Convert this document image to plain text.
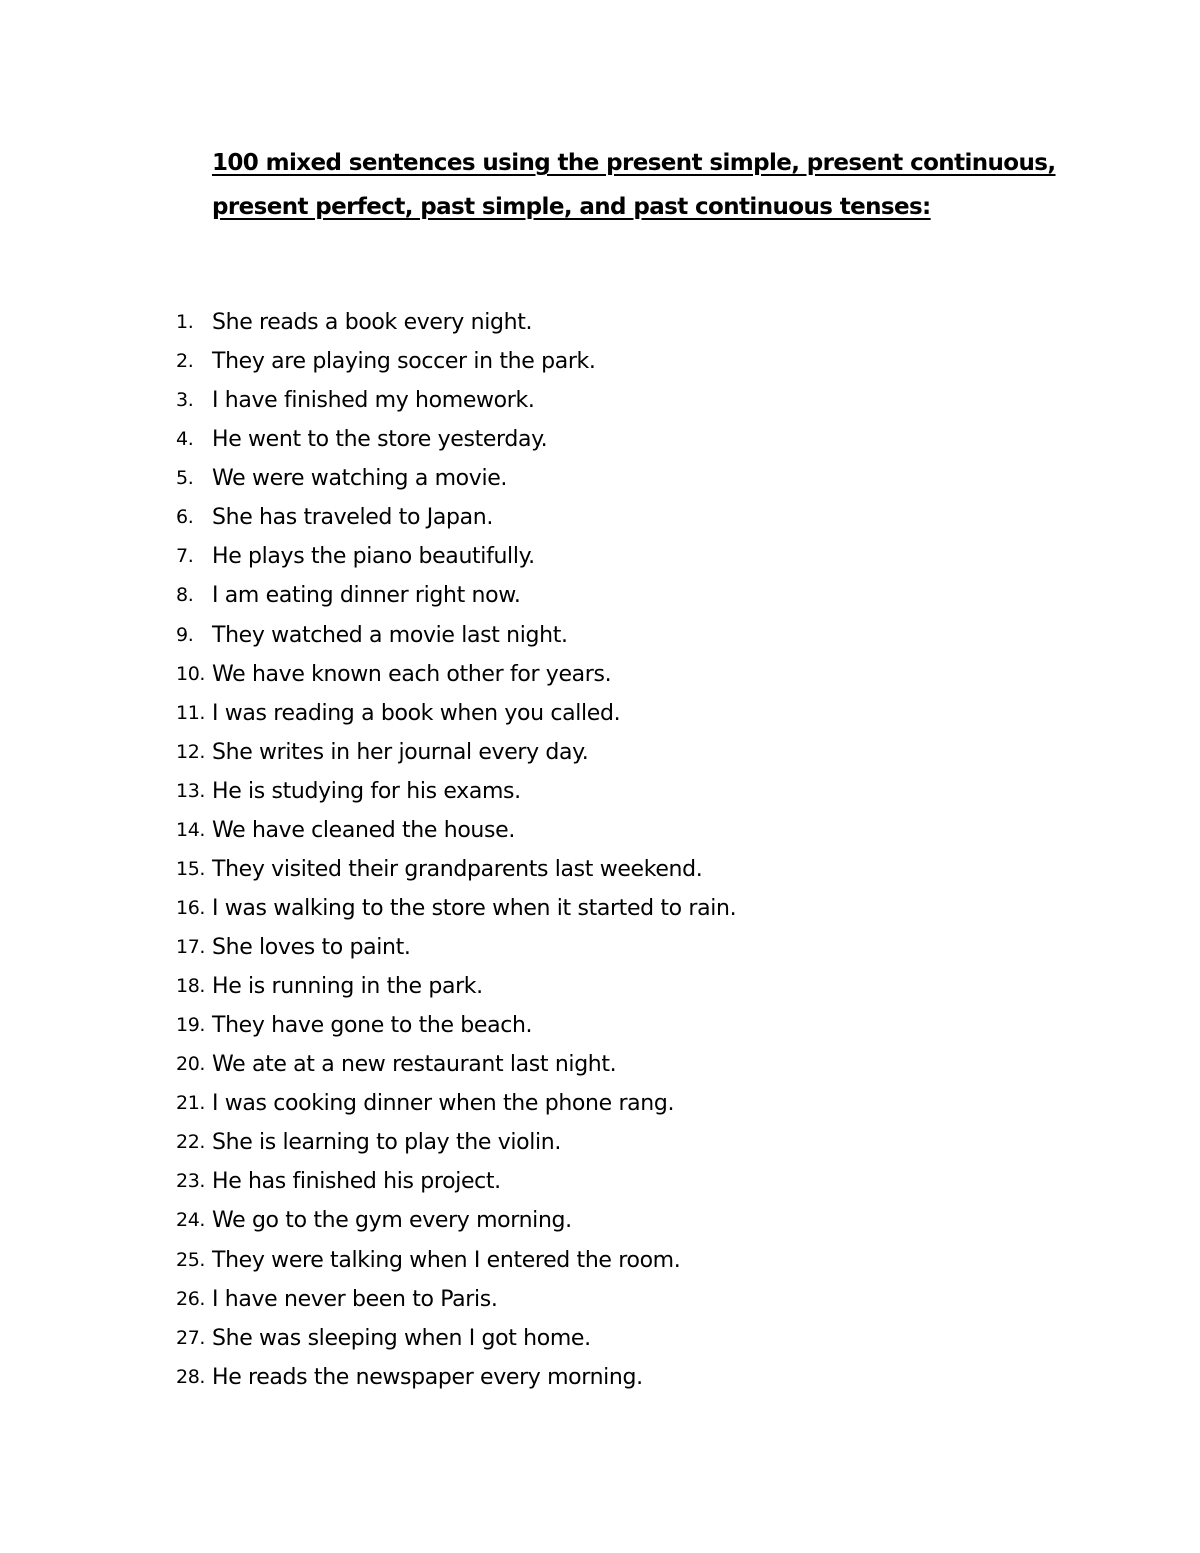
100 mixed sentences using the present simple, present continuous,
present perfect, past simple, and past continuous tenses:
1. She reads a book every night.
2. They are playing soccer in the park.
3. I have finished my homework.
4. He went to the store yesterday.
5. We were watching a movie.
6. She has traveled to Japan.
7. He plays the piano beautifully.
8. I am eating dinner right now.
9. They watched a movie last night.
10. We have known each other for years.
11. I was reading a book when you called.
12. She writes in her journal every day.
13. He is studying for his exams.
14. We have cleaned the house.
15. They visited their grandparents last weekend.
16. I was walking to the store when it started to rain.
17. She loves to paint.
18. He is running in the park.
19. They have gone to the beach.
20. We ate at a new restaurant last night.
21. I was cooking dinner when the phone rang.
22. She is learning to play the violin.
23. He has finished his project.
24. We go to the gym every morning.
25. They were talking when I entered the room.
26. I have never been to Paris.
27. She was sleeping when I got home.
28. He reads the newspaper every morning.
